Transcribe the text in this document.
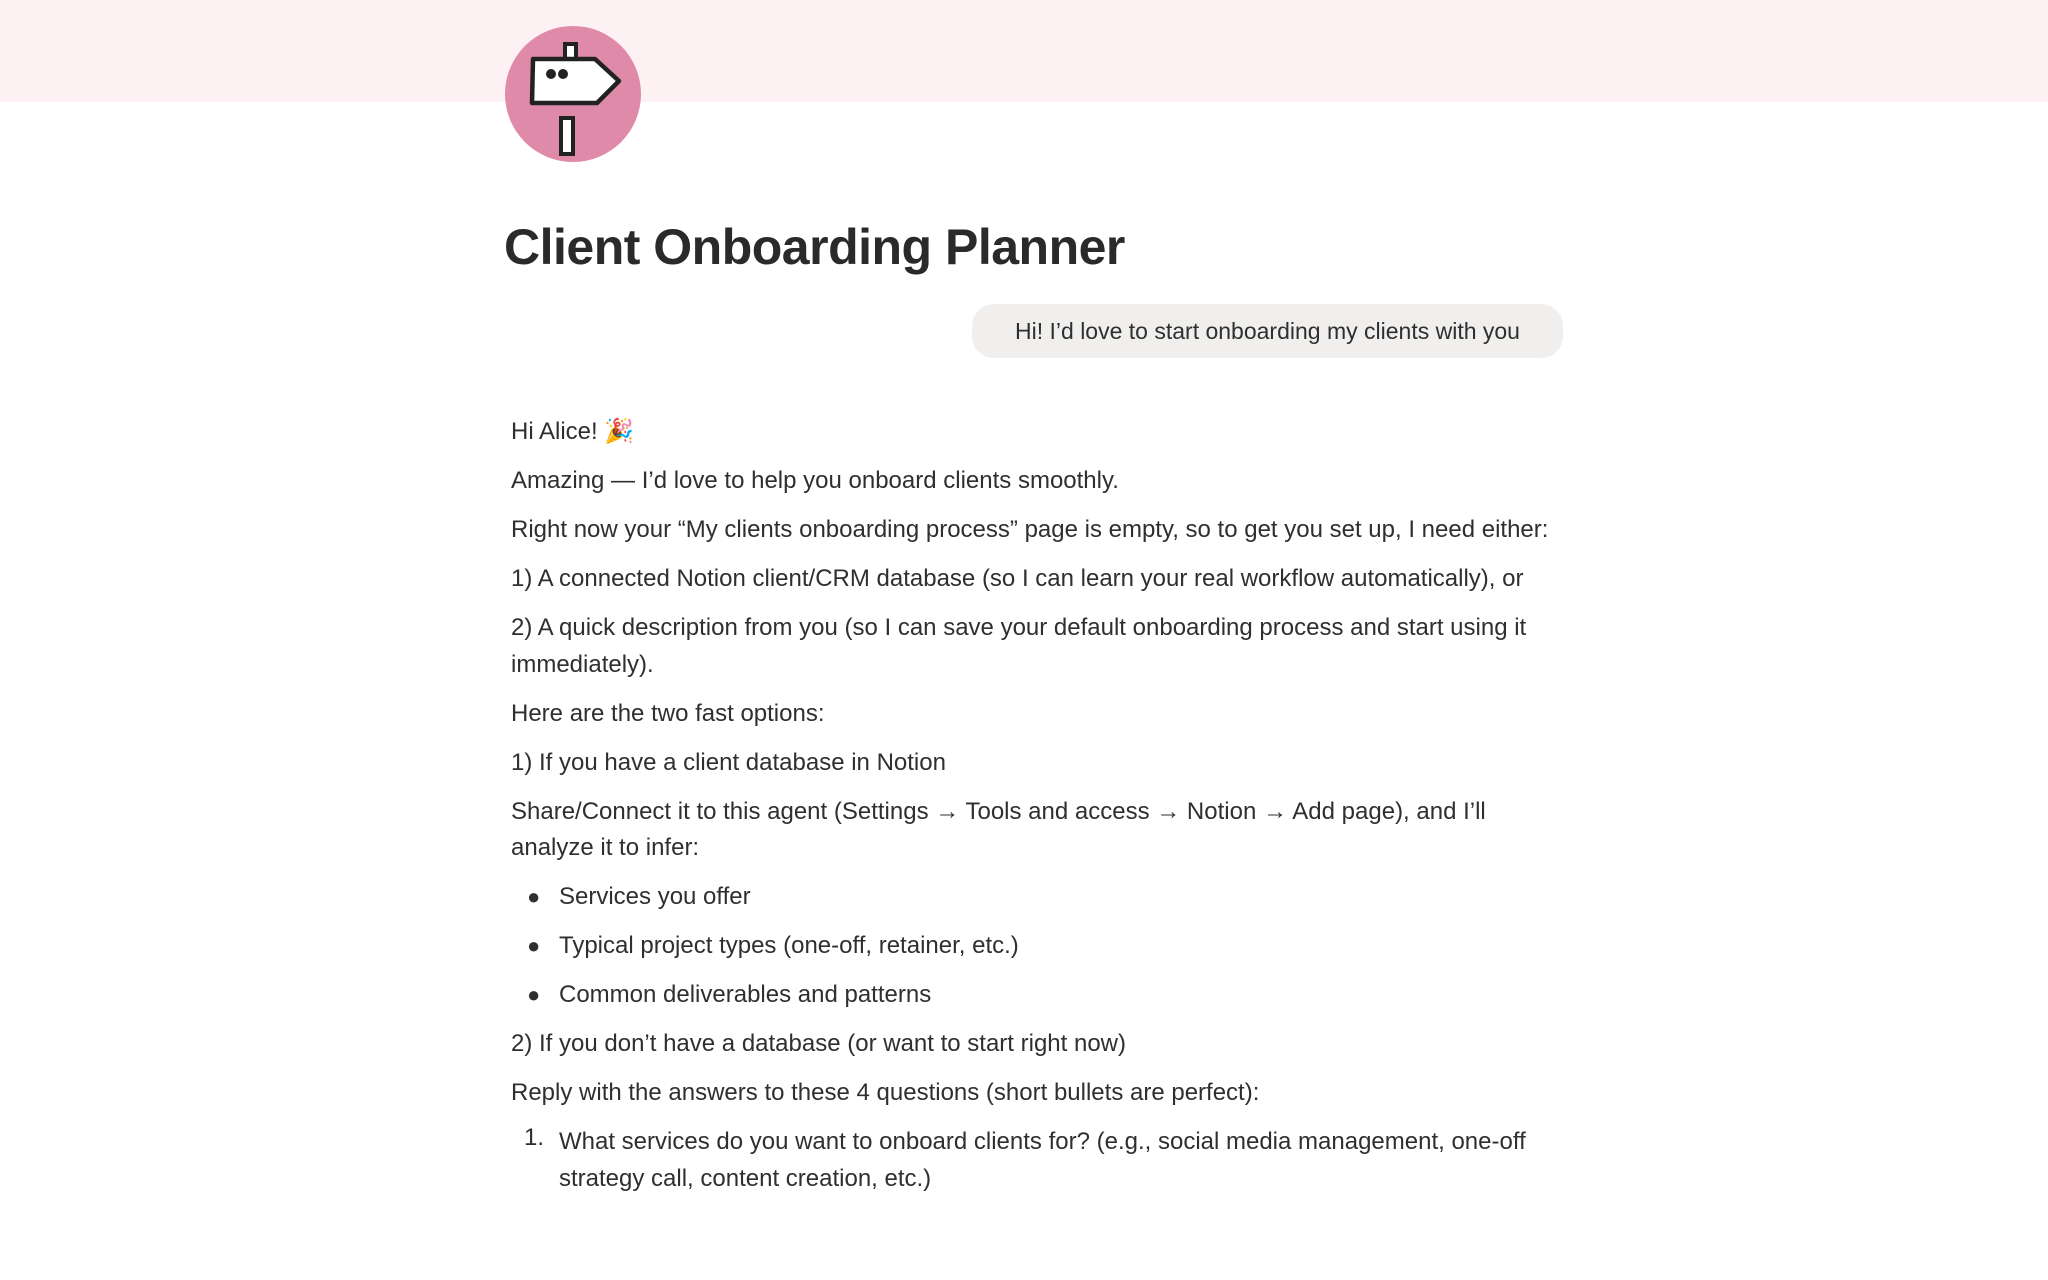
Client Onboarding Planner
Hi! I’d love to start onboarding my clients with you

Hi Alice! 🎉

Amazing — I’d love to help you onboard clients smoothly.

Right now your “My clients onboarding process” page is empty, so to get you set up, I need either:

1) A connected Notion client/CRM database (so I can learn your real workflow automatically), or

2) A quick description from you (so I can save your default onboarding process and start using it immediately).

Here are the two fast options:

1) If you have a client database in Notion

Share/Connect it to this agent (Settings → Tools and access → Notion → Add page), and I’ll analyze it to infer:

● Services you offer
● Typical project types (one-off, retainer, etc.)
● Common deliverables and patterns

2) If you don’t have a database (or want to start right now)

Reply with the answers to these 4 questions (short bullets are perfect):

1. What services do you want to onboard clients for? (e.g., social media management, one-off strategy call, content creation, etc.)
